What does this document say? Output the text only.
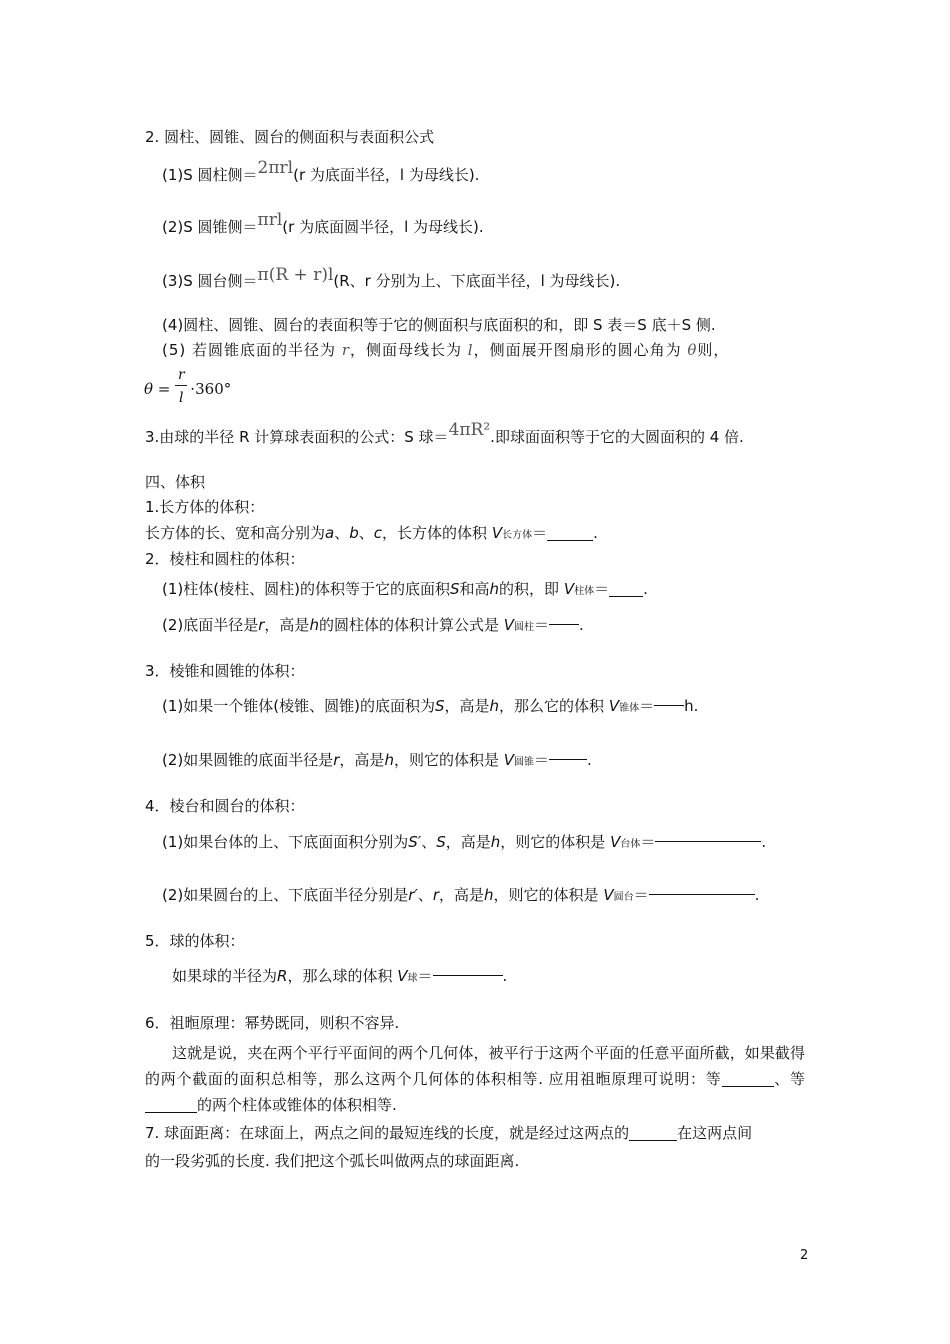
2. 圆柱、圆锥、圆台的侧面积与表面积公式
(1)S 圆柱侧＝2πrl(r 为底面半径，l 为母线长).
(2)S 圆锥侧＝πrl(r 为底面圆半径，l 为母线长).
(3)S 圆台侧＝π(R + r)l(R、r 分别为上、下底面半径，l 为母线长).
(4)圆柱、圆锥、圆台的表面积等于它的侧面积与底面积的和，即 S 表＝S 底＋S 侧.
(5) 若圆锥底面的半径为 r，侧面母线长为 l，侧面展开图扇形的圆心角为 θ则，
θ =
r
l ⋅360°
3.由球的半径 R 计算球表面积的公式：S 球＝4πR².即球面面积等于它的大圆面积的 4 倍.
四、体积
1.长方体的体积：
长方体的长、宽和高分别为a、b、c，长方体的体积 V长方体＝	.
2．棱柱和圆柱的体积：
(1)柱体(棱柱、圆柱)的体积等于它的底面积S和高h的积，即 V柱体＝ .
(2)底面半径是r，高是h的圆柱体的体积计算公式是 V圆柱＝ .
3．棱锥和圆锥的体积：
(1)如果一个锥体(棱锥、圆锥)的底面积为S，高是h，那么它的体积 V锥体＝ h.
(2)如果圆锥的底面半径是r，高是h，则它的体积是 V圆锥＝	.
4．棱台和圆台的体积：
(1)如果台体的上、下底面面积分别为S′、S，高是h，则它的体积是 V台体＝	.
(2)如果圆台的上、下底面半径分别是r′、r，高是h，则它的体积是 V圆台＝	.
5．球的体积：
如果球的半径为R，那么球的体积 V球＝	.
6．祖暅原理：幂势既同，则积不容异.
这就是说，夹在两个平行平面间的两个几何体，被平行于这两个平面的任意平面所截，如果截得的两个截面的面积总相等，那么这两个几何体的体积相等. 应用祖暅原理可说明：等	、等的两个柱体或锥体的体积相等.
7. 球面距离：在球面上，两点之间的最短连线的长度，就是经过这两点的	在这两点间
的一段劣弧的长度. 我们把这个弧长叫做两点的球面距离.
2
